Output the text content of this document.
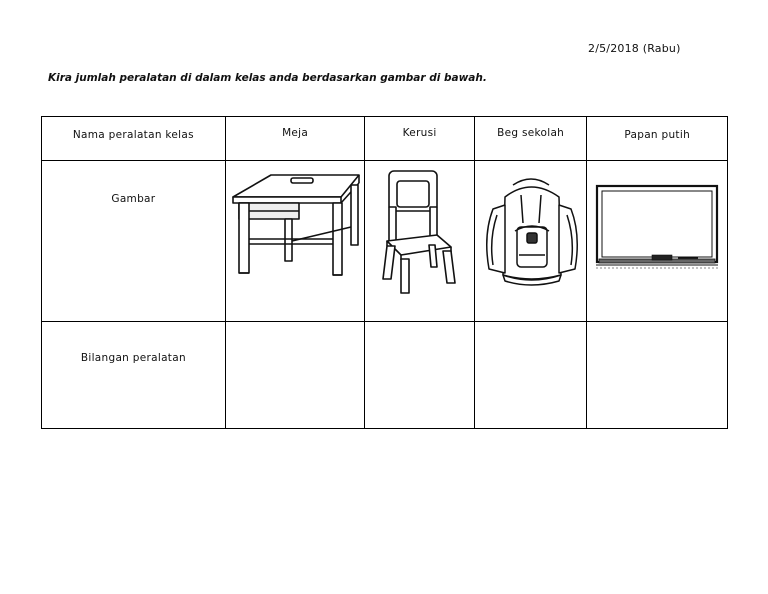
2/5/2018 (Rabu)
Kira jumlah peralatan di dalam kelas anda berdasarkan gambar di bawah.
Nama peralatan kelas	Meja	Kerusi	Beg sekolah	Papan putih

Gambar

Bilangan peralatan				
